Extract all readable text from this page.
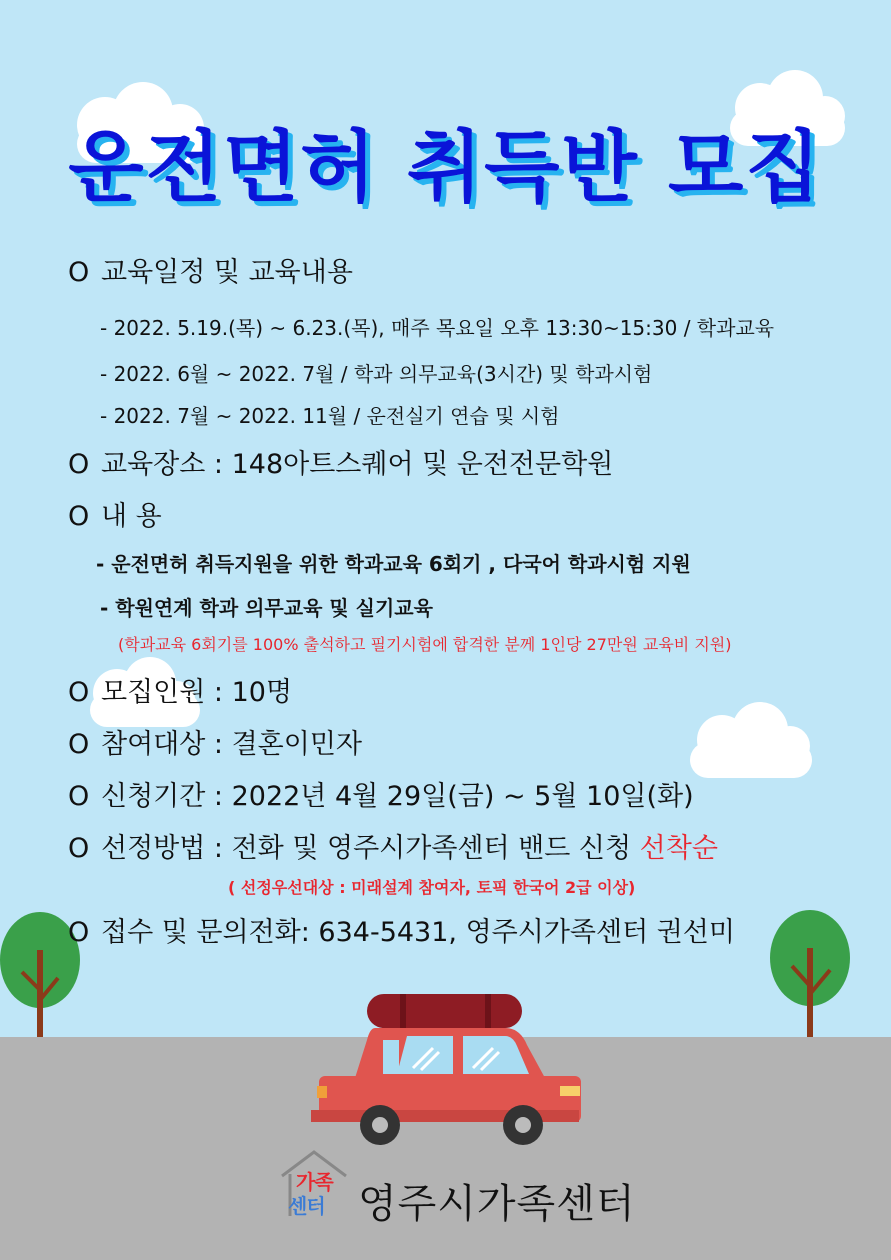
운전면허 취득반 모집
O 교육일정 및 교육내용
- 2022. 5.19.(목) ~ 6.23.(목), 매주 목요일 오후 13:30~15:30 / 학과교육
- 2022. 6월 ~ 2022. 7월 / 학과 의무교육(3시간) 및 학과시험
- 2022. 7월 ~ 2022. 11월 / 운전실기 연습 및 시험
O 교육장소 : 148아트스퀘어 및 운전전문학원
O 내 용
- 운전면허 취득지원을 위한 학과교육 6회기 , 다국어 학과시험 지원
- 학원연계 학과 의무교육 및 실기교육
(학과교육 6회기를 100% 출석하고 필기시험에 합격한 분께 1인당 27만원 교육비 지원)
O 모집인원 : 10명
O 참여대상 : 결혼이민자
O 신청기간 : 2022년 4월 29일(금) ~ 5월 10일(화)
O 선정방법 : 전화 및 영주시가족센터 밴드 신청 선착순
( 선정우선대상 : 미래설계 참여자, 토픽 한국어 2급 이상)
O 접수 및 문의전화: 634-5431, 영주시가족센터 권선미
가족
센터 영주시가족센터
